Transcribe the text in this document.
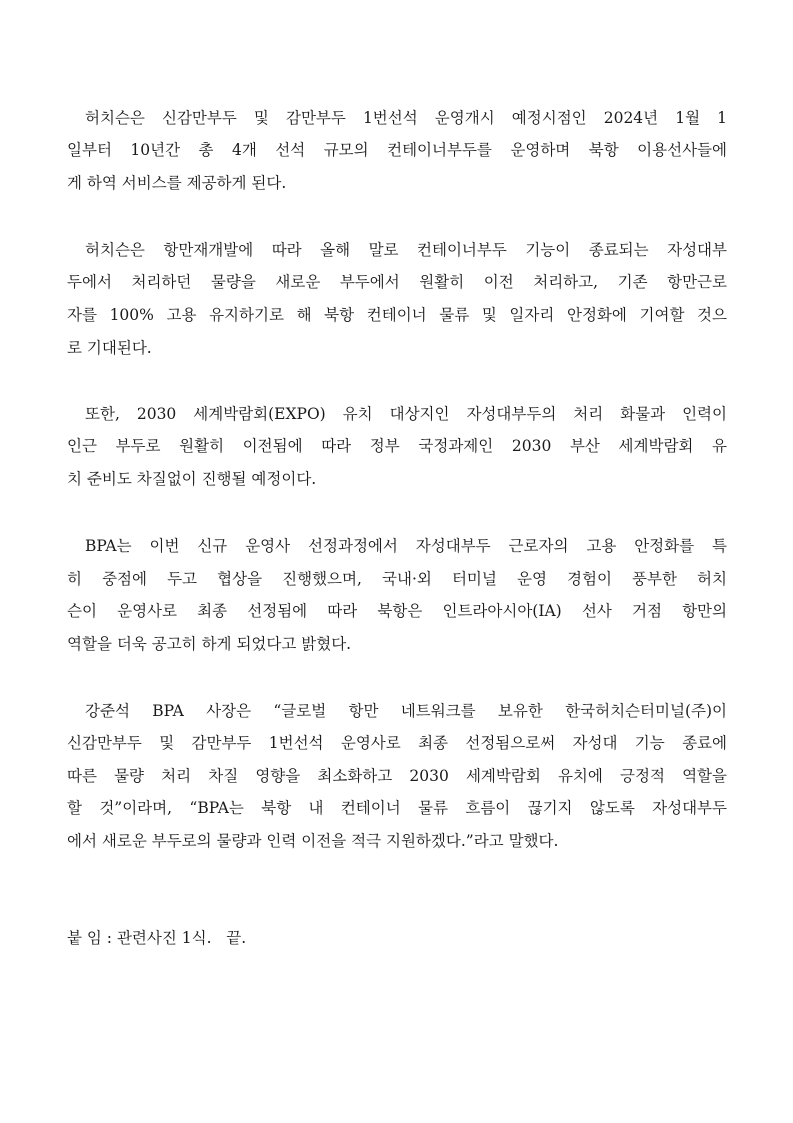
허치슨은 신감만부두 및 감만부두 1번선석 운영개시 예정시점인 2024년 1월 1
일부터 10년간 총 4개 선석 규모의 컨테이너부두를 운영하며 북항 이용선사들에
게 하역 서비스를 제공하게 된다.
허치슨은 항만재개발에 따라 올해 말로 컨테이너부두 기능이 종료되는 자성대부
두에서 처리하던 물량을 새로운 부두에서 원활히 이전 처리하고, 기존 항만근로
자를 100% 고용 유지하기로 해 북항 컨테이너 물류 및 일자리 안정화에 기여할 것으
로 기대된다.
또한, 2030 세계박람회(EXPO) 유치 대상지인 자성대부두의 처리 화물과 인력이
인근 부두로 원활히 이전됨에 따라 정부 국정과제인 2030 부산 세계박람회 유
치 준비도 차질없이 진행될 예정이다.
BPA는 이번 신규 운영사 선정과정에서 자성대부두 근로자의 고용 안정화를 특
히 중점에 두고 협상을 진행했으며, 국내·외 터미널 운영 경험이 풍부한 허치
슨이 운영사로 최종 선정됨에 따라 북항은 인트라아시아(IA) 선사 거점 항만의
역할을 더욱 공고히 하게 되었다고 밝혔다.
강준석 BPA 사장은 “글로벌 항만 네트워크를 보유한 한국허치슨터미널(주)이
신감만부두 및 감만부두 1번선석 운영사로 최종 선정됨으로써 자성대 기능 종료에
따른 물량 처리 차질 영향을 최소화하고 2030 세계박람회 유치에 긍정적 역할을
할 것”이라며, “BPA는 북항 내 컨테이너 물류 흐름이 끊기지 않도록 자성대부두
에서 새로운 부두로의 물량과 인력 이전을 적극 지원하겠다.”라고 말했다.
붙 임 : 관련사진 1식.   끝.
